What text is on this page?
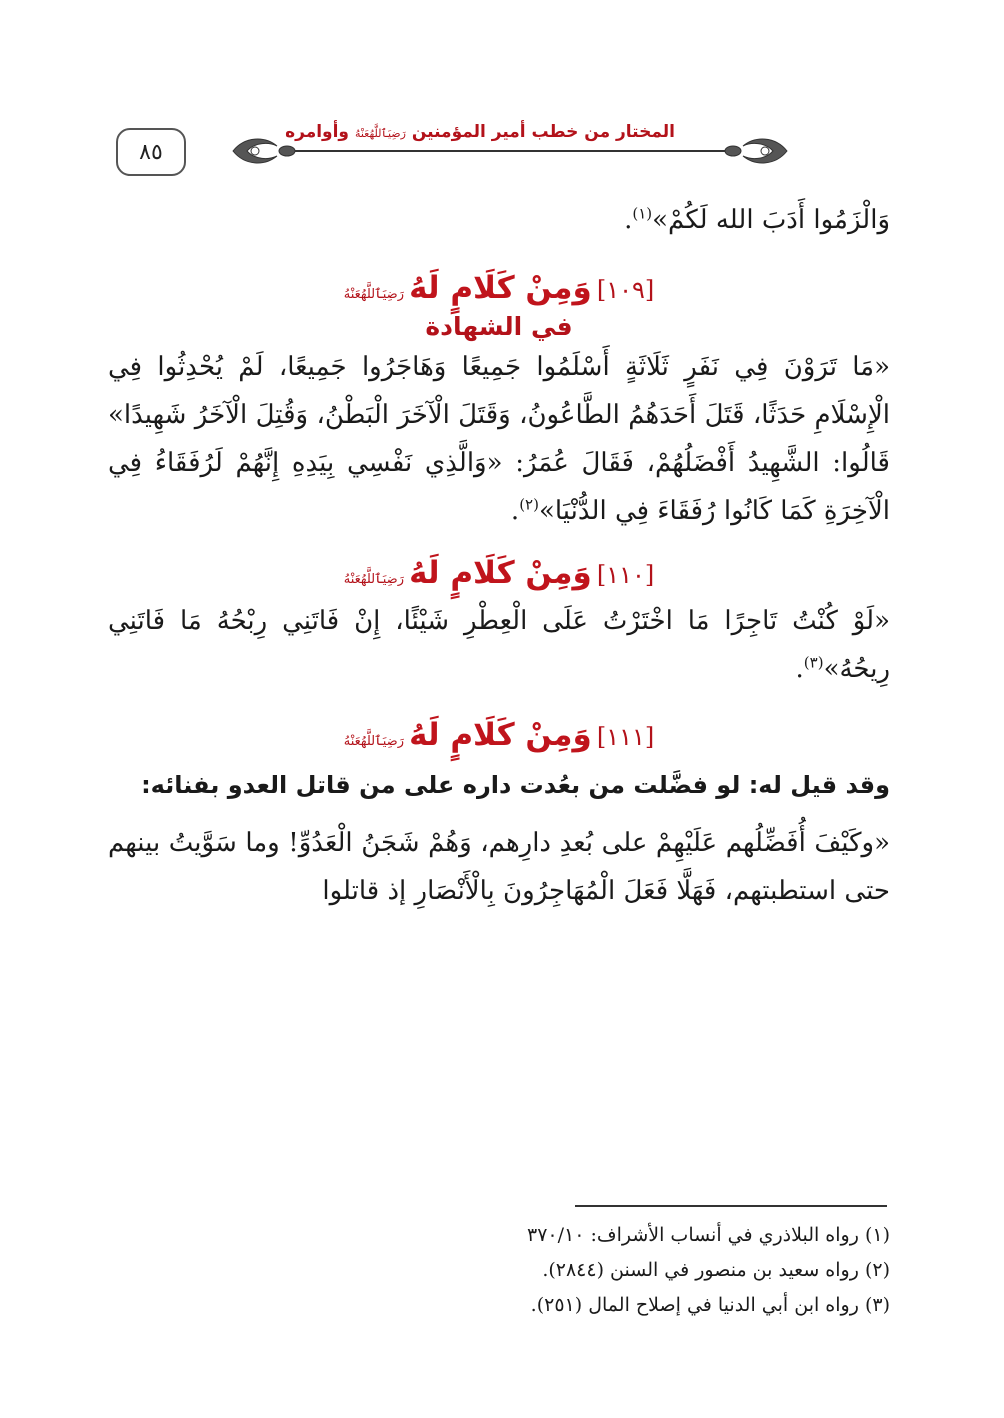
٨٥
المختار من خطب أمير المؤمنين رَضِيَٱللَّهُعَنْهُ وأوامره

وَالْزَمُوا أَدَبَ الله لَكُمْ»$^{(١)}$.

[١٠٩] وَمِنْ كَلَامٍ لَهُ رَضِيَٱللَّهُعَنْهُ
في الشهادة

«مَا تَرَوْنَ فِي نَفَرٍ ثَلَاثَةٍ أَسْلَمُوا جَمِيعًا وَهَاجَرُوا جَمِيعًا، لَمْ يُحْدِثُوا فِي الْإِسْلَامِ حَدَثًا، قَتَلَ أَحَدَهُمُ الطَّاعُونُ، وَقَتَلَ الْآخَرَ الْبَطْنُ، وَقُتِلَ الْآخَرُ شَهِيدًا» قَالُوا: الشَّهِيدُ أَفْضَلُهُمْ، فَقَالَ عُمَرُ: «وَالَّذِي نَفْسِي بِيَدِهِ إِنَّهُمْ لَرُفَقَاءُ فِي الْآخِرَةِ كَمَا كَانُوا رُفَقَاءَ فِي الدُّنْيَا»$^{(٢)}$.

[١١٠] وَمِنْ كَلَامٍ لَهُ رَضِيَٱللَّهُعَنْهُ

«لَوْ كُنْتُ تَاجِرًا مَا اخْتَرْتُ عَلَى الْعِطْرِ شَيْئًا، إِنْ فَاتَنِي رِبْحُهُ مَا فَاتَنِي رِيحُهُ»$^{(٣)}$.

[١١١] وَمِنْ كَلَامٍ لَهُ رَضِيَٱللَّهُعَنْهُ

وقد قيل له: لو فضَّلت من بعُدت داره على من قاتل العدو بفنائه:

«وكَيْفَ أُفَضِّلُهم عَلَيْهِمْ على بُعدِ دارِهم، وَهُمْ شَجَنُ الْعَدُوِّ! وما سَوَّيتُ بينهم حتى استطبتهم، فَهَلَّا فَعَلَ الْمُهَاجِرُونَ بِالْأَنْصَارِ إذ قاتلوا

(١) رواه البلاذري في أنساب الأشراف: ٣٧٠/١٠

(٢) رواه سعيد بن منصور في السنن (٢٨٤٤).

(٣) رواه ابن أبي الدنيا في إصلاح المال (٢٥١).
